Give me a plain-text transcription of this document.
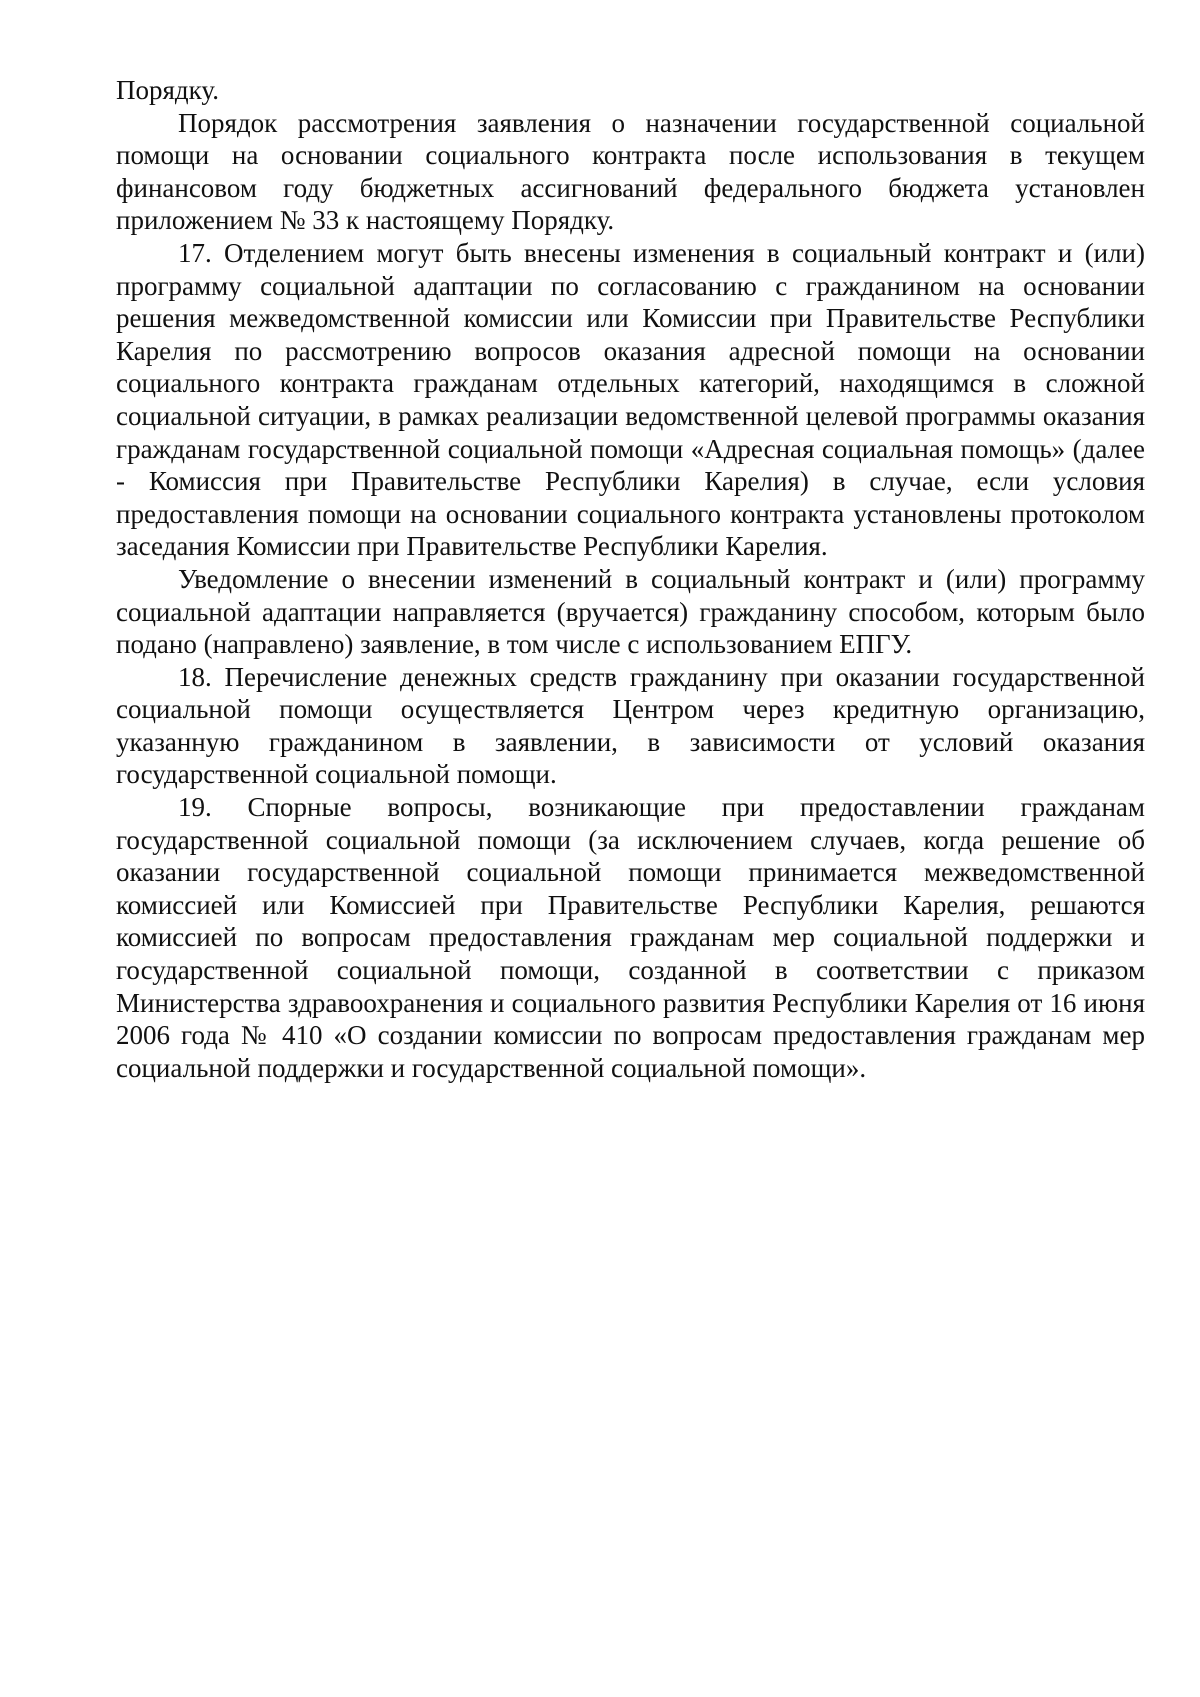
Порядку.

Порядок рассмотрения заявления о назначении государственной социальной помощи на основании социального контракта после использования в текущем финансовом году бюджетных ассигнований федерального бюджета установлен приложением № 33 к настоящему Порядку.

17. Отделением могут быть внесены изменения в социальный контракт и (или) программу социальной адаптации по согласованию с гражданином на основании решения межведомственной комиссии или Комиссии при Правительстве Республики Карелия по рассмотрению вопросов оказания адресной помощи на основании социального контракта гражданам отдельных категорий, находящимся в сложной социальной ситуации, в рамках реализации ведомственной целевой программы оказания гражданам государственной социальной помощи «Адресная социальная помощь» (далее - Комиссия при Правительстве Республики Карелия) в случае, если условия предоставления помощи на основании социального контракта установлены протоколом заседания Комиссии при Правительстве Республики Карелия.

Уведомление о внесении изменений в социальный контракт и (или) программу социальной адаптации направляется (вручается) гражданину способом, которым было подано (направлено) заявление, в том числе с использованием ЕПГУ.

18. Перечисление денежных средств гражданину при оказании государственной социальной помощи осуществляется Центром через кредитную организацию, указанную гражданином в заявлении, в зависимости от условий оказания государственной социальной помощи.

19. Спорные вопросы, возникающие при предоставлении гражданам государственной социальной помощи (за исключением случаев, когда решение об оказании государственной социальной помощи принимается межведомственной комиссией или Комиссией при Правительстве Республики Карелия, решаются комиссией по вопросам предоставления гражданам мер социальной поддержки и государственной социальной помощи, созданной в соответствии с приказом Министерства здравоохранения и социального развития Республики Карелия от 16 июня 2006 года № 410 «О создании комиссии по вопросам предоставления гражданам мер социальной поддержки и государственной социальной помощи».
